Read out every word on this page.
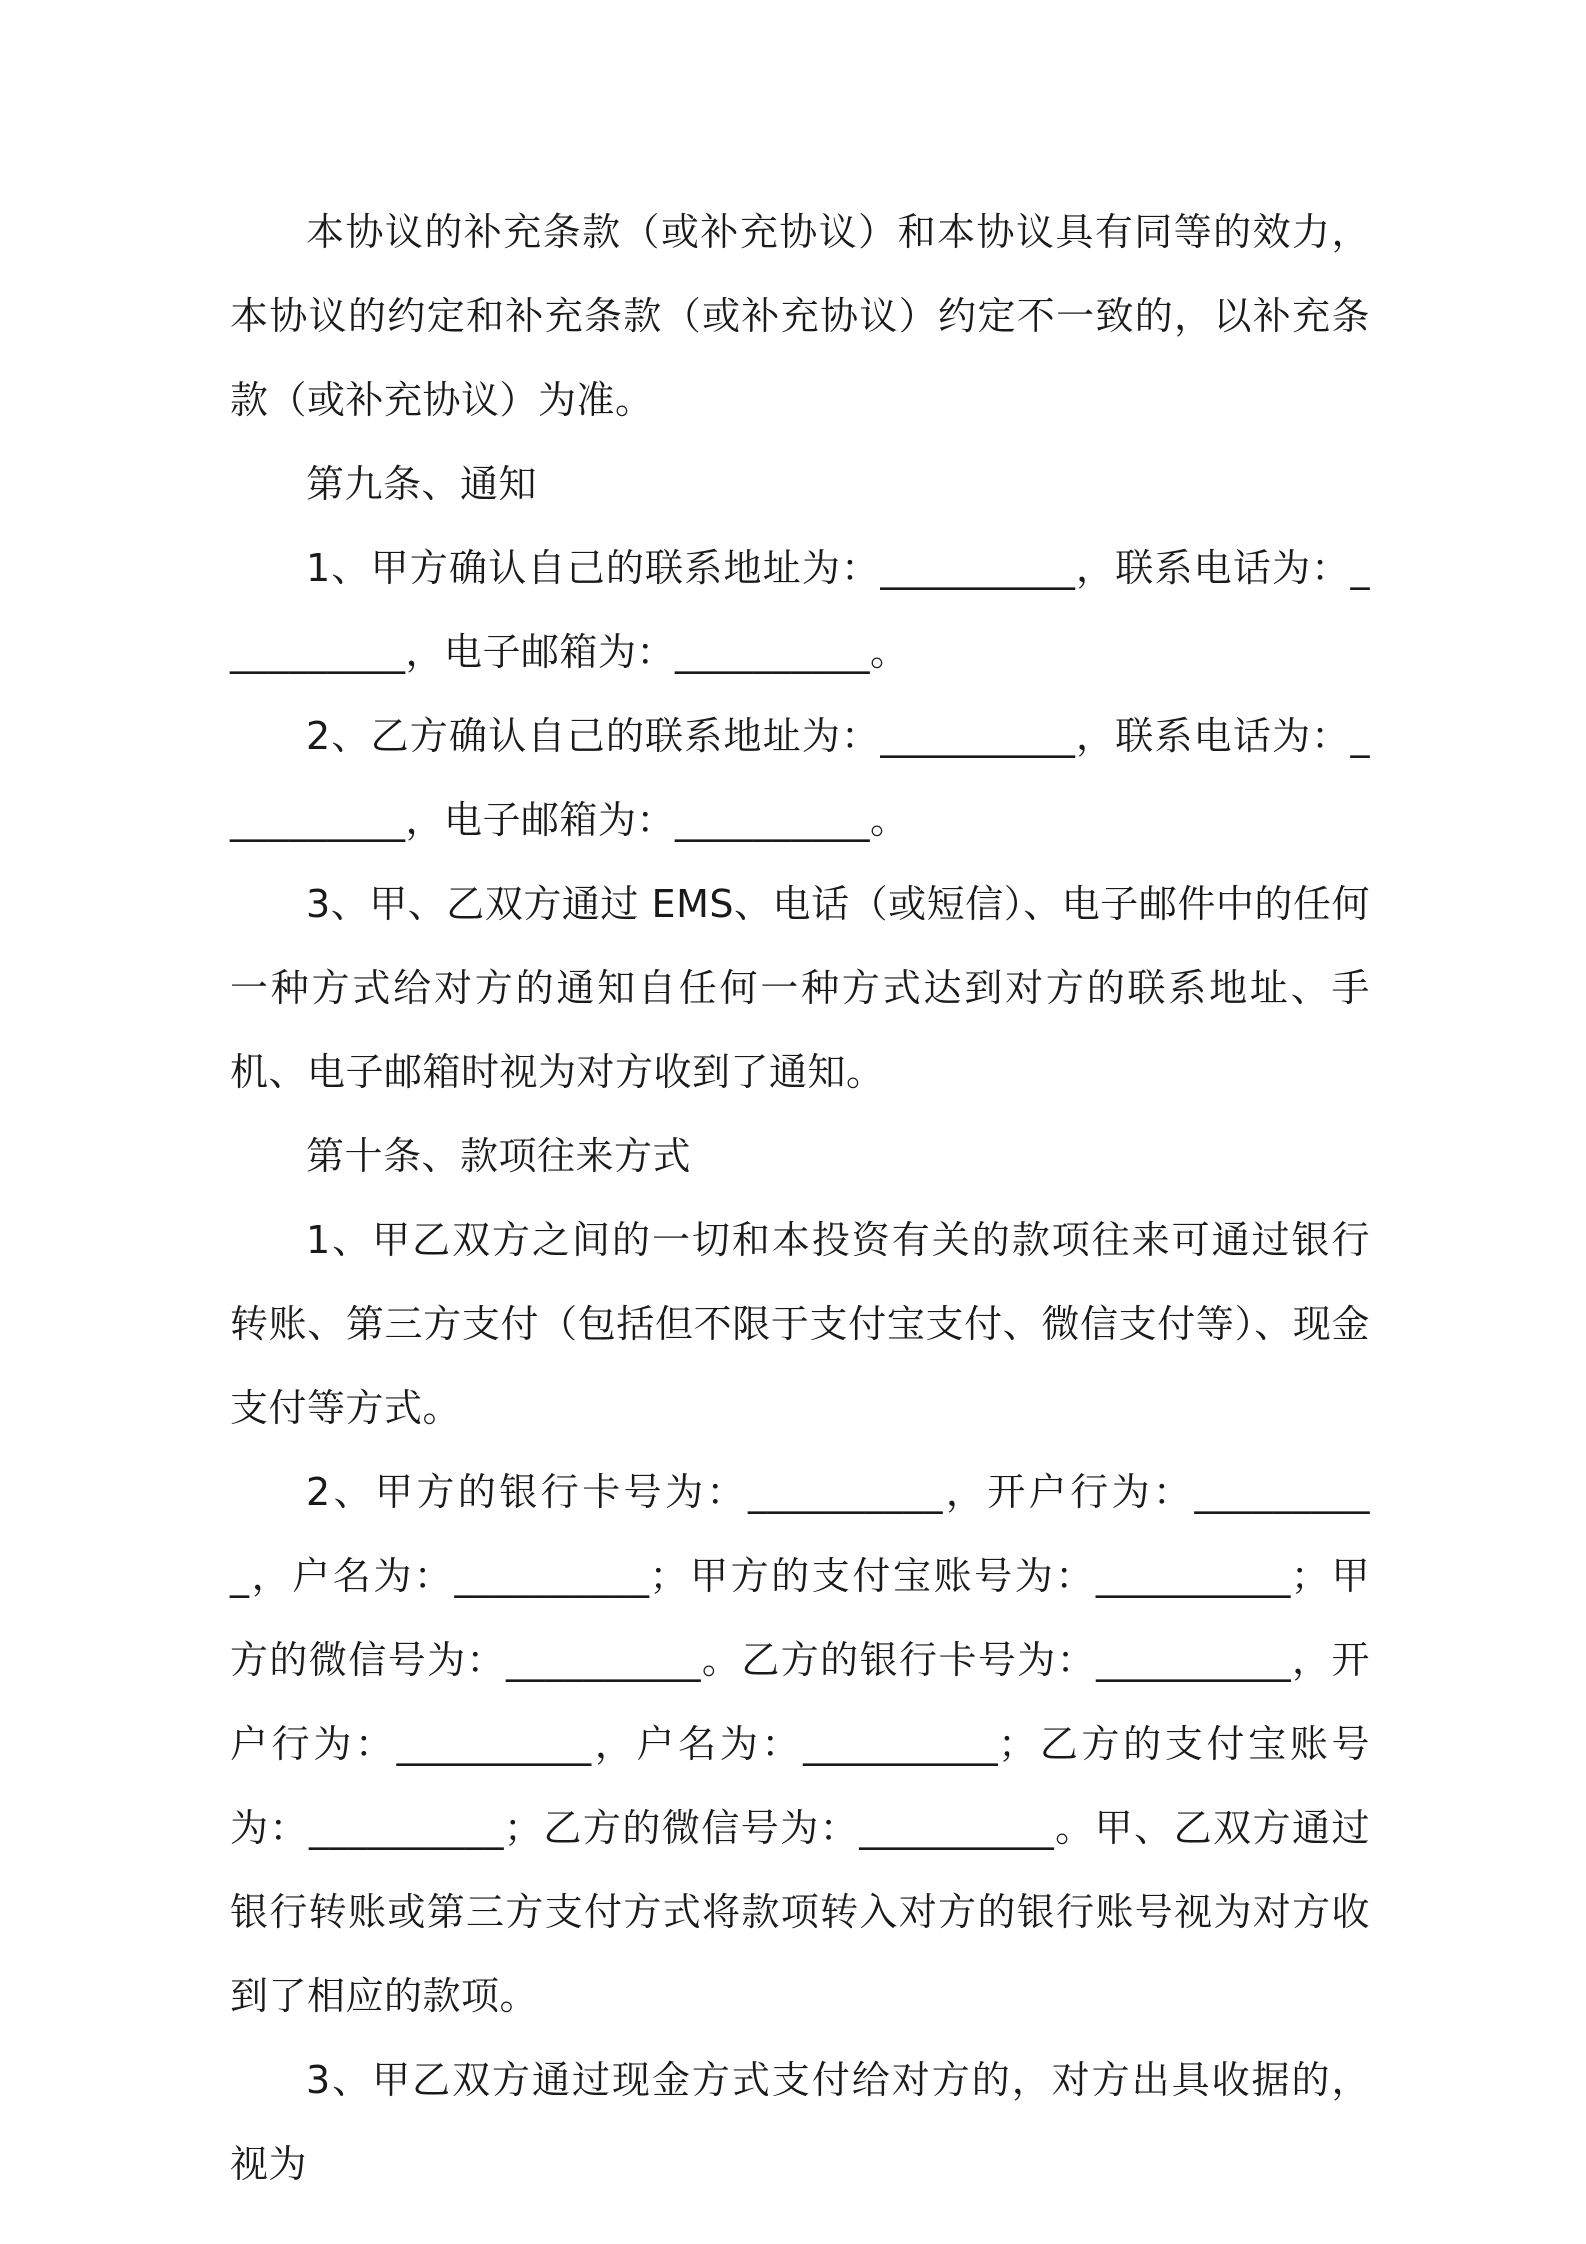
本协议的补充条款（或补充协议）和本协议具有同等的效力，本协议的约定和补充条款（或补充协议）约定不一致的，以补充条款（或补充协议）为准。

第九条、通知

1、甲方确认自己的联系地址为：__________，联系电话为：__________，电子邮箱为：__________。

2、乙方确认自己的联系地址为：__________，联系电话为：__________，电子邮箱为：__________。

3、甲、乙双方通过 EMS、电话（或短信）、电子邮件中的任何一种方式给对方的通知自任何一种方式达到对方的联系地址、手机、电子邮箱时视为对方收到了通知。

第十条、款项往来方式

1、甲乙双方之间的一切和本投资有关的款项往来可通过银行转账、第三方支付（包括但不限于支付宝支付、微信支付等）、现金支付等方式。

2、甲方的银行卡号为：__________，开户行为：__________，户名为：__________；甲方的支付宝账号为：__________；甲方的微信号为：__________。乙方的银行卡号为：__________，开户行为：__________，户名为：__________；乙方的支付宝账号为：__________；乙方的微信号为：__________。甲、乙双方通过银行转账或第三方支付方式将款项转入对方的银行账号视为对方收到了相应的款项。

3、甲乙双方通过现金方式支付给对方的，对方出具收据的，视为
